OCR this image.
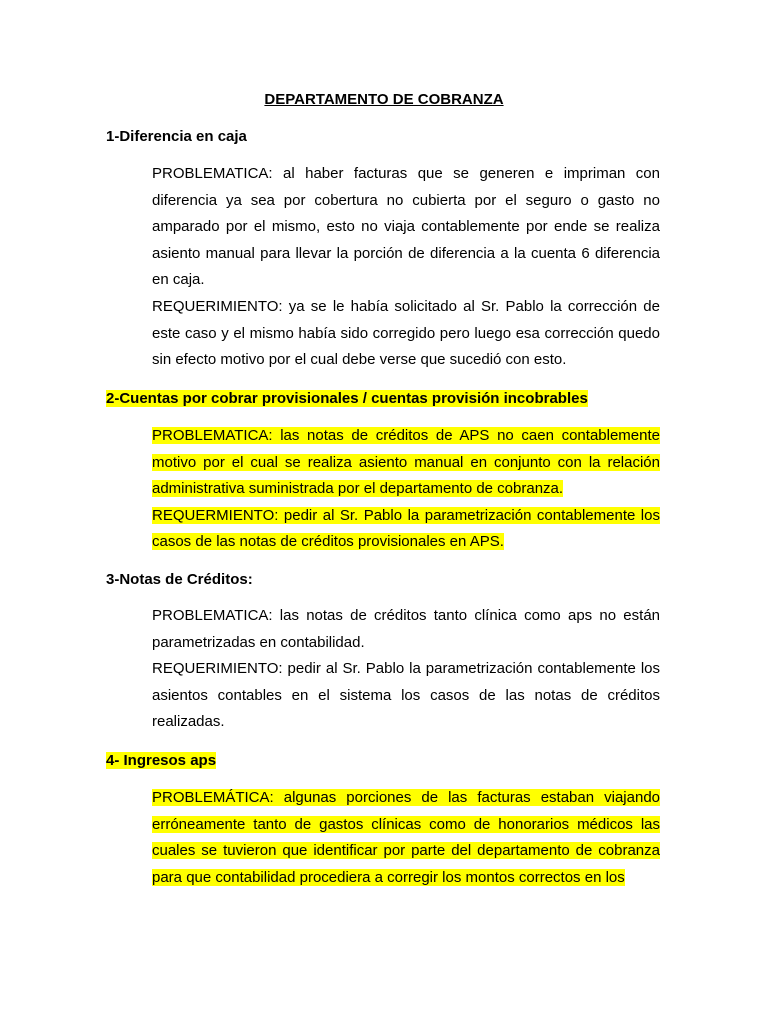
DEPARTAMENTO DE COBRANZA
1-Diferencia en caja

PROBLEMATICA: al haber facturas que se generen e impriman con diferencia ya sea por cobertura no cubierta por el seguro o gasto no amparado por el mismo, esto no viaja contablemente por ende se realiza asiento manual para llevar la porción de diferencia a la cuenta 6 diferencia en caja.

REQUERIMIENTO: ya se le había solicitado al Sr. Pablo la corrección de este caso y el mismo había sido corregido pero luego esa corrección quedo sin efecto motivo por el cual debe verse que sucedió con esto.

2-Cuentas por cobrar provisionales / cuentas provisión incobrables

PROBLEMATICA: las notas de créditos de APS no caen contablemente motivo por el cual se realiza asiento manual en conjunto con la relación administrativa suministrada por el departamento de cobranza.

REQUERMIENTO: pedir al Sr. Pablo la parametrización contablemente los casos de las notas de créditos provisionales en APS.

3-Notas de Créditos:

PROBLEMATICA: las notas de créditos tanto clínica como aps no están parametrizadas en contabilidad.

REQUERIMIENTO: pedir al Sr. Pablo la parametrización contablemente los asientos contables en el sistema los casos de las notas de créditos realizadas.

4- Ingresos aps

PROBLEMÁTICA: algunas porciones de las facturas estaban viajando erróneamente tanto de gastos clínicas como de honorarios médicos las cuales se tuvieron que identificar por parte del departamento de cobranza para que contabilidad procediera a corregir los montos correctos en los
